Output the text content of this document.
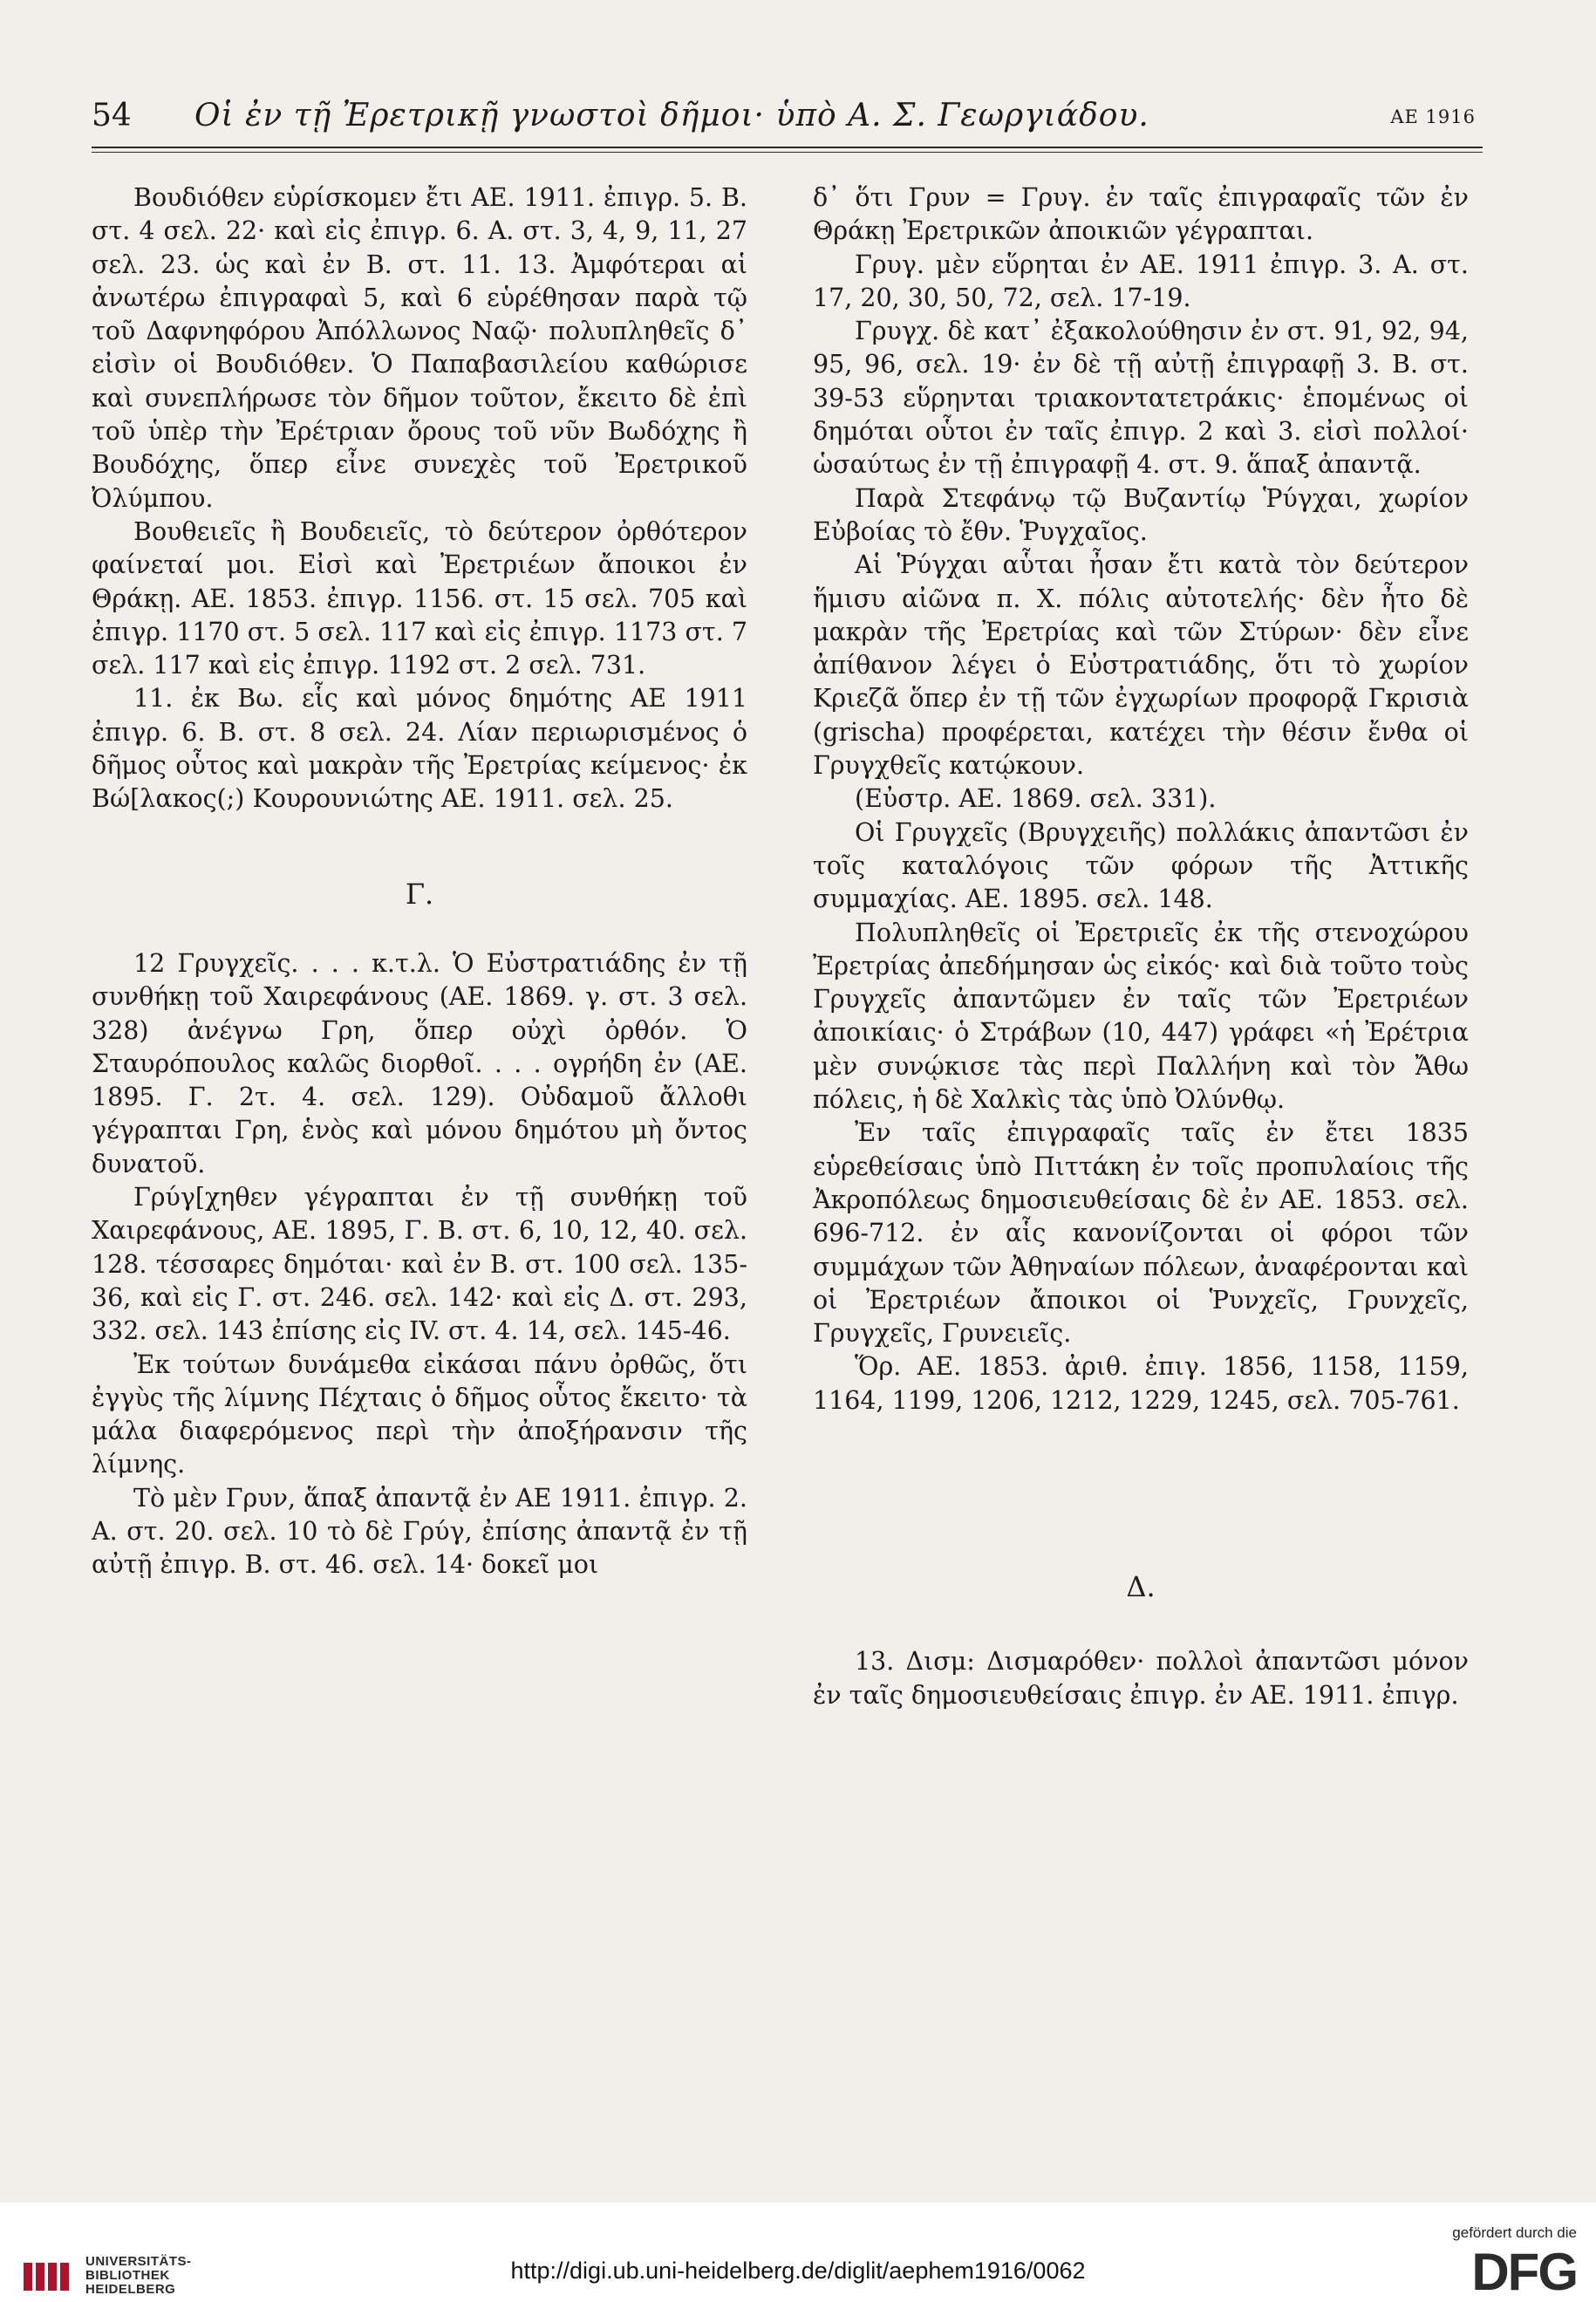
54 Οἱ ἐν τῇ Ἐρετρικῇ γνωστοὶ δῆμοι· ὑπὸ Α. Σ. Γεωργιάδου.	ΑΕ 1916

Βουδιόθεν εὑρίσκομεν ἔτι ΑΕ. 1911. ἐπιγρ. 5. Β. στ. 4 σελ. 22· καὶ εἰς ἐπιγρ. 6. Α. στ. 3, 4, 9, 11, 27 σελ. 23. ὡς καὶ ἐν Β. στ. 11. 13. Ἀμφότεραι αἱ ἀνωτέρω ἐπιγραφαὶ 5, καὶ 6 εὑρέθησαν παρὰ τῷ τοῦ Δαφνηφόρου Ἀπόλλωνος Ναῷ· πολυπληθεῖς δ᾽ εἰσὶν οἱ Βουδιόθεν. Ὁ Παπαβασιλείου καθώρισε καὶ συνεπλήρωσε τὸν δῆμον τοῦτον, ἔκειτο δὲ ἐπὶ τοῦ ὑπὲρ τὴν Ἐρέτριαν ὄρους τοῦ νῦν Βωδόχης ἢ Βουδόχης, ὅπερ εἶνε συνεχὲς τοῦ Ἐρετρικοῦ Ὀλύμπου.

Βουθειεῖς ἢ Βουδειεῖς, τὸ δεύτερον ὀρθότερον φαίνεταί μοι. Εἰσὶ καὶ Ἐρετριέων ἄποικοι ἐν Θράκῃ. ΑΕ. 1853. ἐπιγρ. 1156. στ. 15 σελ. 705 καὶ ἐπιγρ. 1170 στ. 5 σελ. 117 καὶ εἰς ἐπιγρ. 1173 στ. 7 σελ. 117 καὶ εἰς ἐπιγρ. 1192 στ. 2 σελ. 731.

11. ἐκ Βω. εἷς καὶ μόνος δημότης ΑΕ 1911 ἐπιγρ. 6. Β. στ. 8 σελ. 24. Λίαν περιωρισμένος ὁ δῆμος οὗτος καὶ μακρὰν τῆς Ἐρετρίας κείμενος· ἐκ Βώ[λακος(;) Κουρουνιώτης ΑΕ. 1911. σελ. 25.

Γ.

12 Γρυγχεῖς. . . . κ.τ.λ. Ὁ Εὐστρατιάδης ἐν τῇ συνθήκῃ τοῦ Χαιρεφάνους (ΑΕ. 1869. γ. στ. 3 σελ. 328) ἀνέγνω Γρη, ὅπερ οὐχὶ ὀρθόν. Ὁ Σταυρόπουλος καλῶς διορθοῖ. . . . ογρήδη ἐν (ΑΕ. 1895. Γ. 2τ. 4. σελ. 129). Οὐδαμοῦ ἄλλοθι γέγραπται Γρη, ἑνὸς καὶ μόνου δημότου μὴ ὄντος δυνατοῦ.

Γρύγ[χηθεν γέγραπται ἐν τῇ συνθήκῃ τοῦ Χαιρεφάνους, ΑΕ. 1895, Γ. Β. στ. 6, 10, 12, 40. σελ. 128. τέσσαρες δημόται· καὶ ἐν Β. στ. 100 σελ. 135-36, καὶ εἰς Γ. στ. 246. σελ. 142· καὶ εἰς Δ. στ. 293, 332. σελ. 143 ἐπίσης εἰς IV. στ. 4. 14, σελ. 145-46.

Ἐκ τούτων δυνάμεθα εἰκάσαι πάνυ ὀρθῶς, ὅτι ἐγγὺς τῆς λίμνης Πέχταις ὁ δῆμος οὗτος ἔκειτο· τὰ μάλα διαφερόμενος περὶ τὴν ἀποξήρανσιν τῆς λίμνης.

Τὸ μὲν Γρυν, ἅπαξ ἀπαντᾷ ἐν ΑΕ 1911. ἐπιγρ. 2. Α. στ. 20. σελ. 10 τὸ δὲ Γρύγ, ἐπίσης ἀπαντᾷ ἐν τῇ αὐτῇ ἐπιγρ. Β. στ. 46. σελ. 14· δοκεῖ μοι

δ᾽ ὅτι Γρυν = Γρυγ. ἐν ταῖς ἐπιγραφαῖς τῶν ἐν Θράκῃ Ἐρετρικῶν ἀποικιῶν γέγραπται.

Γρυγ. μὲν εὕρηται ἐν ΑΕ. 1911 ἐπιγρ. 3. Α. στ. 17, 20, 30, 50, 72, σελ. 17-19.

Γρυγχ. δὲ κατ᾽ ἐξακολούθησιν ἐν στ. 91, 92, 94, 95, 96, σελ. 19· ἐν δὲ τῇ αὐτῇ ἐπιγραφῇ 3. Β. στ. 39-53 εὕρηνται τριακοντατετράκις· ἑπομένως οἱ δημόται οὗτοι ἐν ταῖς ἐπιγρ. 2 καὶ 3. εἰσὶ πολλοί· ὡσαύτως ἐν τῇ ἐπιγραφῇ 4. στ. 9. ἅπαξ ἀπαντᾷ.

Παρὰ Στεφάνῳ τῷ Βυζαντίῳ Ῥύγχαι, χωρίον Εὐβοίας τὸ ἔθν. Ῥυγχαῖος.

Αἱ Ῥύγχαι αὗται ἦσαν ἔτι κατὰ τὸν δεύτερον ἥμισυ αἰῶνα π. Χ. πόλις αὐτοτελής· δὲν ἦτο δὲ μακρὰν τῆς Ἐρετρίας καὶ τῶν Στύρων· δὲν εἶνε ἀπίθανον λέγει ὁ Εὐστρατιάδης, ὅτι τὸ χωρίον Κριεζᾶ ὅπερ ἐν τῇ τῶν ἐγχωρίων προφορᾷ Γκρισιὰ (grischa) προφέρεται, κατέχει τὴν θέσιν ἔνθα οἱ Γρυγχθεῖς κατῴκουν.

(Εὐστρ. ΑΕ. 1869. σελ. 331).

Οἱ Γρυγχεῖς (Βρυγχειῆς) πολλάκις ἀπαντῶσι ἐν τοῖς καταλόγοις τῶν φόρων τῆς Ἀττικῆς συμμαχίας. ΑΕ. 1895. σελ. 148.

Πολυπληθεῖς οἱ Ἐρετριεῖς ἐκ τῆς στενοχώρου Ἐρετρίας ἀπεδήμησαν ὡς εἰκός· καὶ διὰ τοῦτο τοὺς Γρυγχεῖς ἀπαντῶμεν ἐν ταῖς τῶν Ἐρετριέων ἀποικίαις· ὁ Στράβων (10, 447) γράφει «ἡ Ἐρέτρια μὲν συνῴκισε τὰς περὶ Παλλήνη καὶ τὸν Ἄθω πόλεις, ἡ δὲ Χαλκὶς τὰς ὑπὸ Ὀλύνθῳ.

Ἐν ταῖς ἐπιγραφαῖς ταῖς ἐν ἔτει 1835 εὑρεθείσαις ὑπὸ Πιττάκη ἐν τοῖς προπυλαίοις τῆς Ἀκροπόλεως δημοσιευθείσαις δὲ ἐν ΑΕ. 1853. σελ. 696-712. ἐν αἷς κανονίζονται οἱ φόροι τῶν συμμάχων τῶν Ἀθηναίων πόλεων, ἀναφέρονται καὶ οἱ Ἐρετριέων ἄποικοι οἱ Ῥυνχεῖς, Γρυνχεῖς, Γρυγχεῖς, Γρυνειεῖς.

Ὅρ. ΑΕ. 1853. ἀριθ. ἐπιγ. 1856, 1158, 1159, 1164, 1199, 1206, 1212, 1229, 1245, σελ. 705-761.

Δ.

13. Δισμ: Δισμαρόθεν· πολλοὶ ἀπαντῶσι μόνον ἐν ταῖς δημοσιευθείσαις ἐπιγρ. ἐν ΑΕ. 1911. ἐπιγρ.

UNIVERSITÄTS-
BIBLIOTHEK
HEIDELBERG
http://digi.ub.uni-heidelberg.de/diglit/aephem1916/0062
gefördert durch die
DFG
